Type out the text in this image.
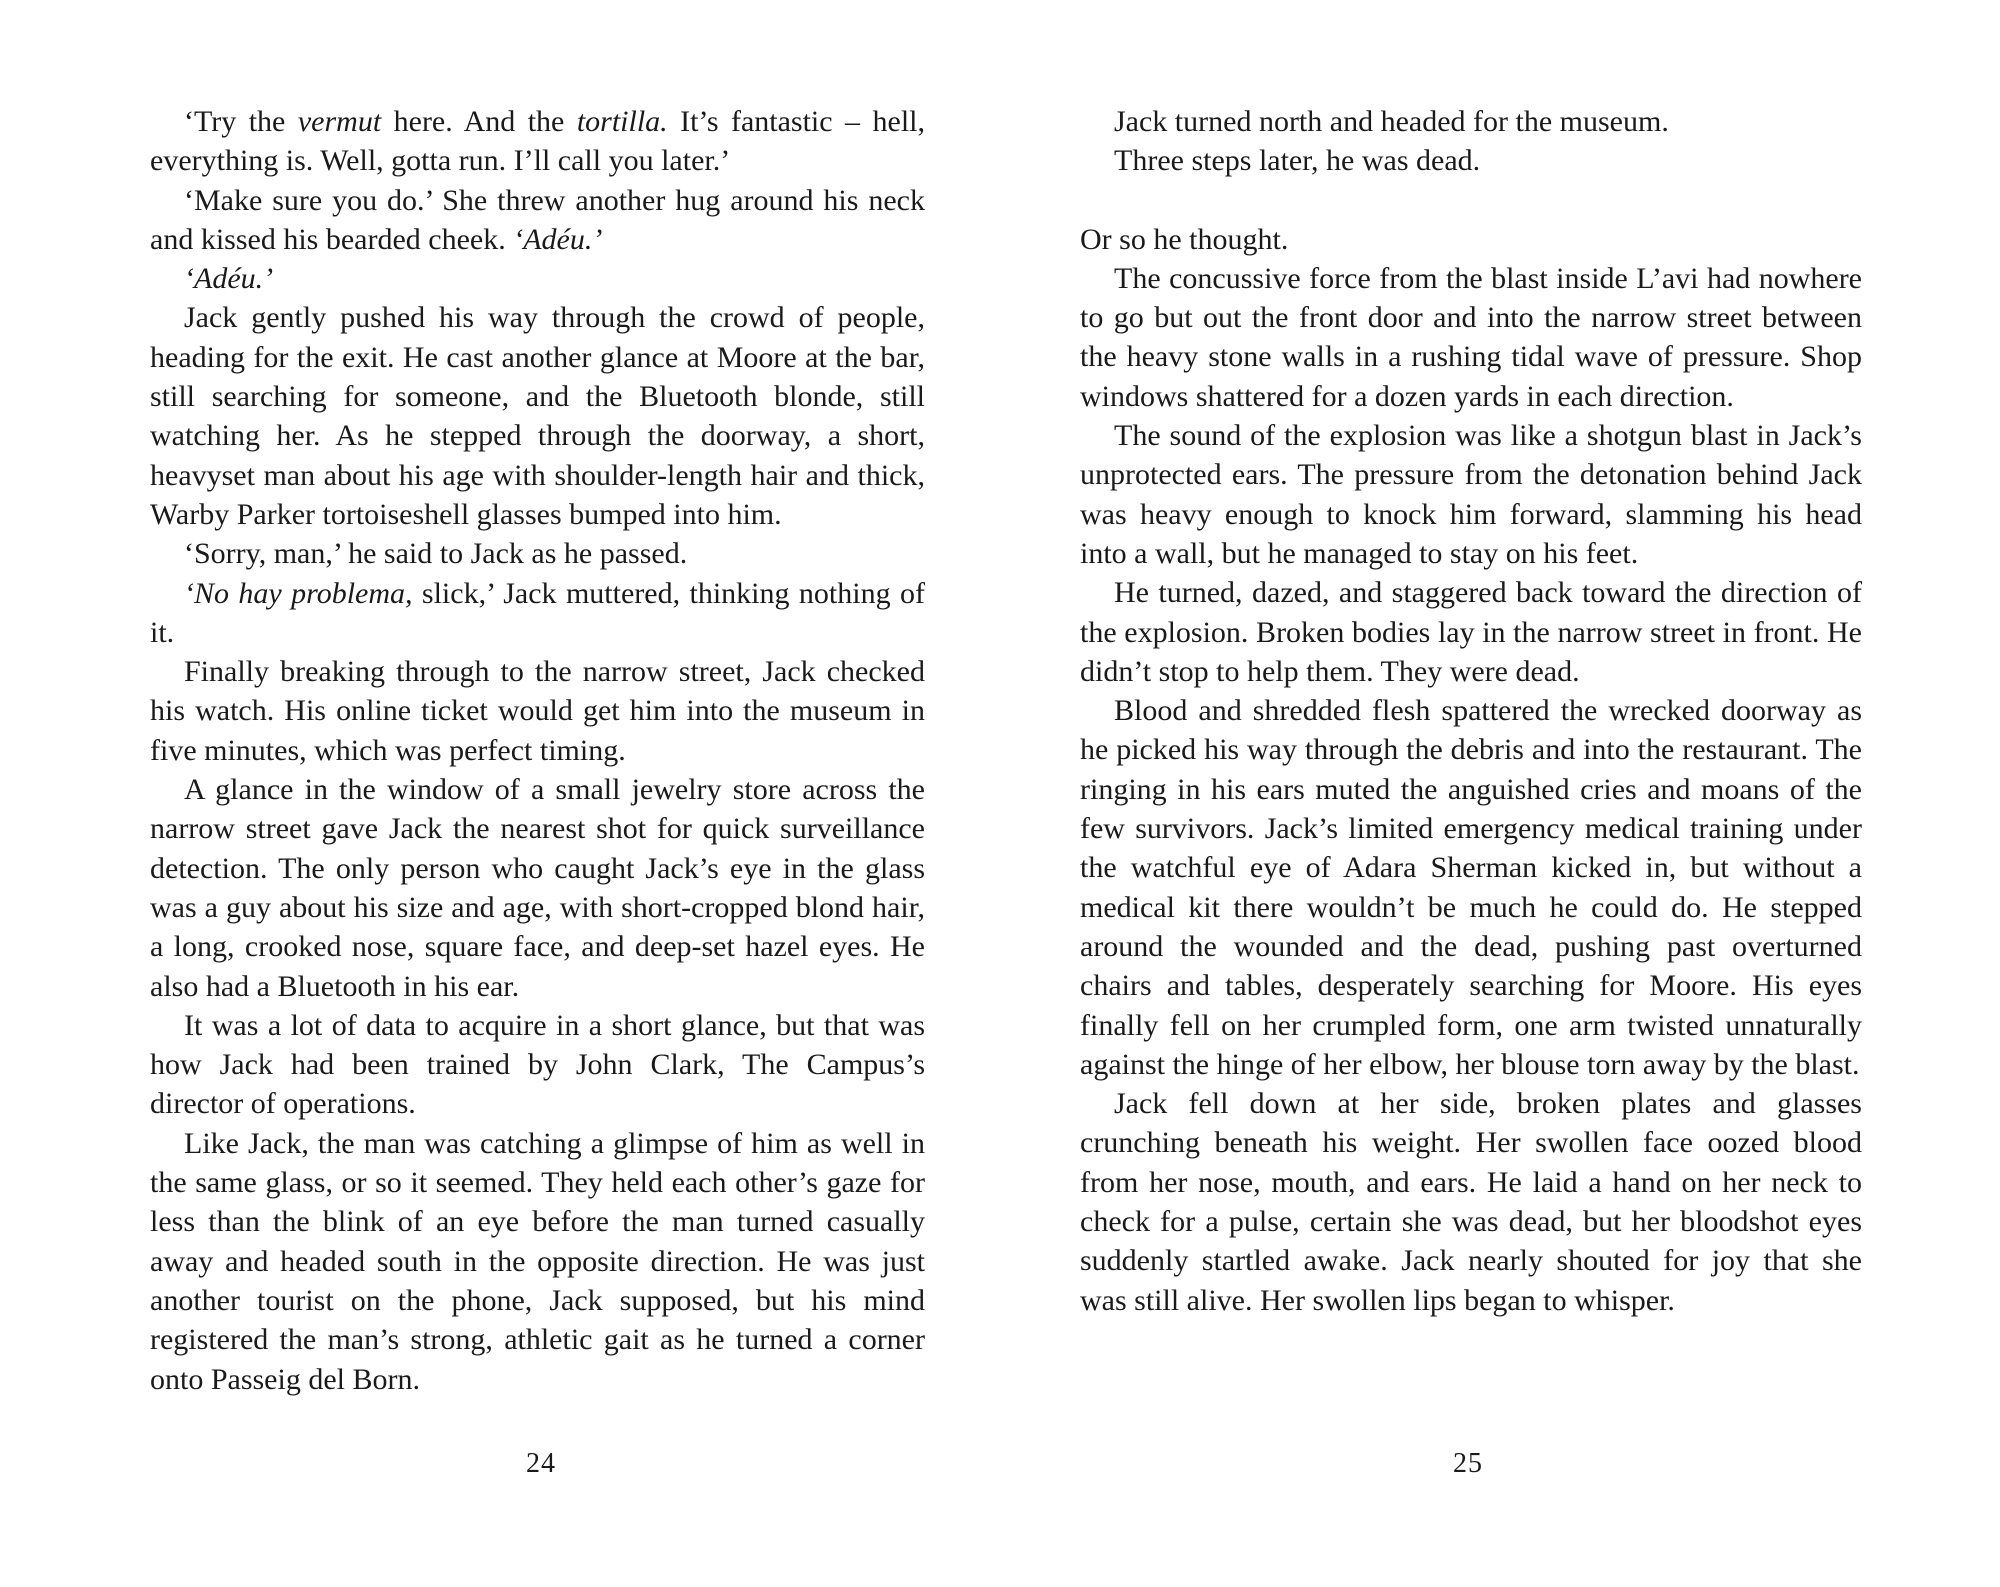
‘Try the vermut here. And the tortilla. It’s fantastic – hell, everything is. Well, gotta run. I’ll call you later.’

‘Make sure you do.’ She threw another hug around his neck and kissed his bearded cheek. ‘Adéu.’

‘Adéu.’

Jack gently pushed his way through the crowd of people, heading for the exit. He cast another glance at Moore at the bar, still searching for someone, and the Bluetooth blonde, still watching her. As he stepped through the doorway, a short, heavyset man about his age with shoulder-length hair and thick, Warby Parker tortoiseshell glasses bumped into him.

‘Sorry, man,’ he said to Jack as he passed.

‘No hay problema, slick,’ Jack muttered, thinking nothing of it.

Finally breaking through to the narrow street, Jack checked his watch. His online ticket would get him into the museum in five minutes, which was perfect timing.

A glance in the window of a small jewelry store across the narrow street gave Jack the nearest shot for quick surveillance detection. The only person who caught Jack’s eye in the glass was a guy about his size and age, with short-cropped blond hair, a long, crooked nose, square face, and deep-set hazel eyes. He also had a Bluetooth in his ear.

It was a lot of data to acquire in a short glance, but that was how Jack had been trained by John Clark, The Campus’s director of operations.

Like Jack, the man was catching a glimpse of him as well in the same glass, or so it seemed. They held each other’s gaze for less than the blink of an eye before the man turned casually away and headed south in the opposite direction. He was just another tourist on the phone, Jack supposed, but his mind registered the man’s strong, athletic gait as he turned a corner onto Passeig del Born.

Jack turned north and headed for the museum.

Three steps later, he was dead.

Or so he thought.

The concussive force from the blast inside L’avi had nowhere to go but out the front door and into the narrow street between the heavy stone walls in a rushing tidal wave of pressure. Shop windows shattered for a dozen yards in each direction.

The sound of the explosion was like a shotgun blast in Jack’s unprotected ears. The pressure from the detonation behind Jack was heavy enough to knock him forward, slamming his head into a wall, but he managed to stay on his feet.

He turned, dazed, and staggered back toward the direction of the explosion. Broken bodies lay in the narrow street in front. He didn’t stop to help them. They were dead.

Blood and shredded flesh spattered the wrecked doorway as he picked his way through the debris and into the restaurant. The ringing in his ears muted the anguished cries and moans of the few survivors. Jack’s limited emergency medical training under the watchful eye of Adara Sherman kicked in, but without a medical kit there wouldn’t be much he could do. He stepped around the wounded and the dead, pushing past overturned chairs and tables, desperately searching for Moore. His eyes finally fell on her crumpled form, one arm twisted unnaturally against the hinge of her elbow, her blouse torn away by the blast.

Jack fell down at her side, broken plates and glasses crunching beneath his weight. Her swollen face oozed blood from her nose, mouth, and ears. He laid a hand on her neck to check for a pulse, certain she was dead, but her bloodshot eyes suddenly startled awake. Jack nearly shouted for joy that she was still alive. Her swollen lips began to whisper.

24	25
